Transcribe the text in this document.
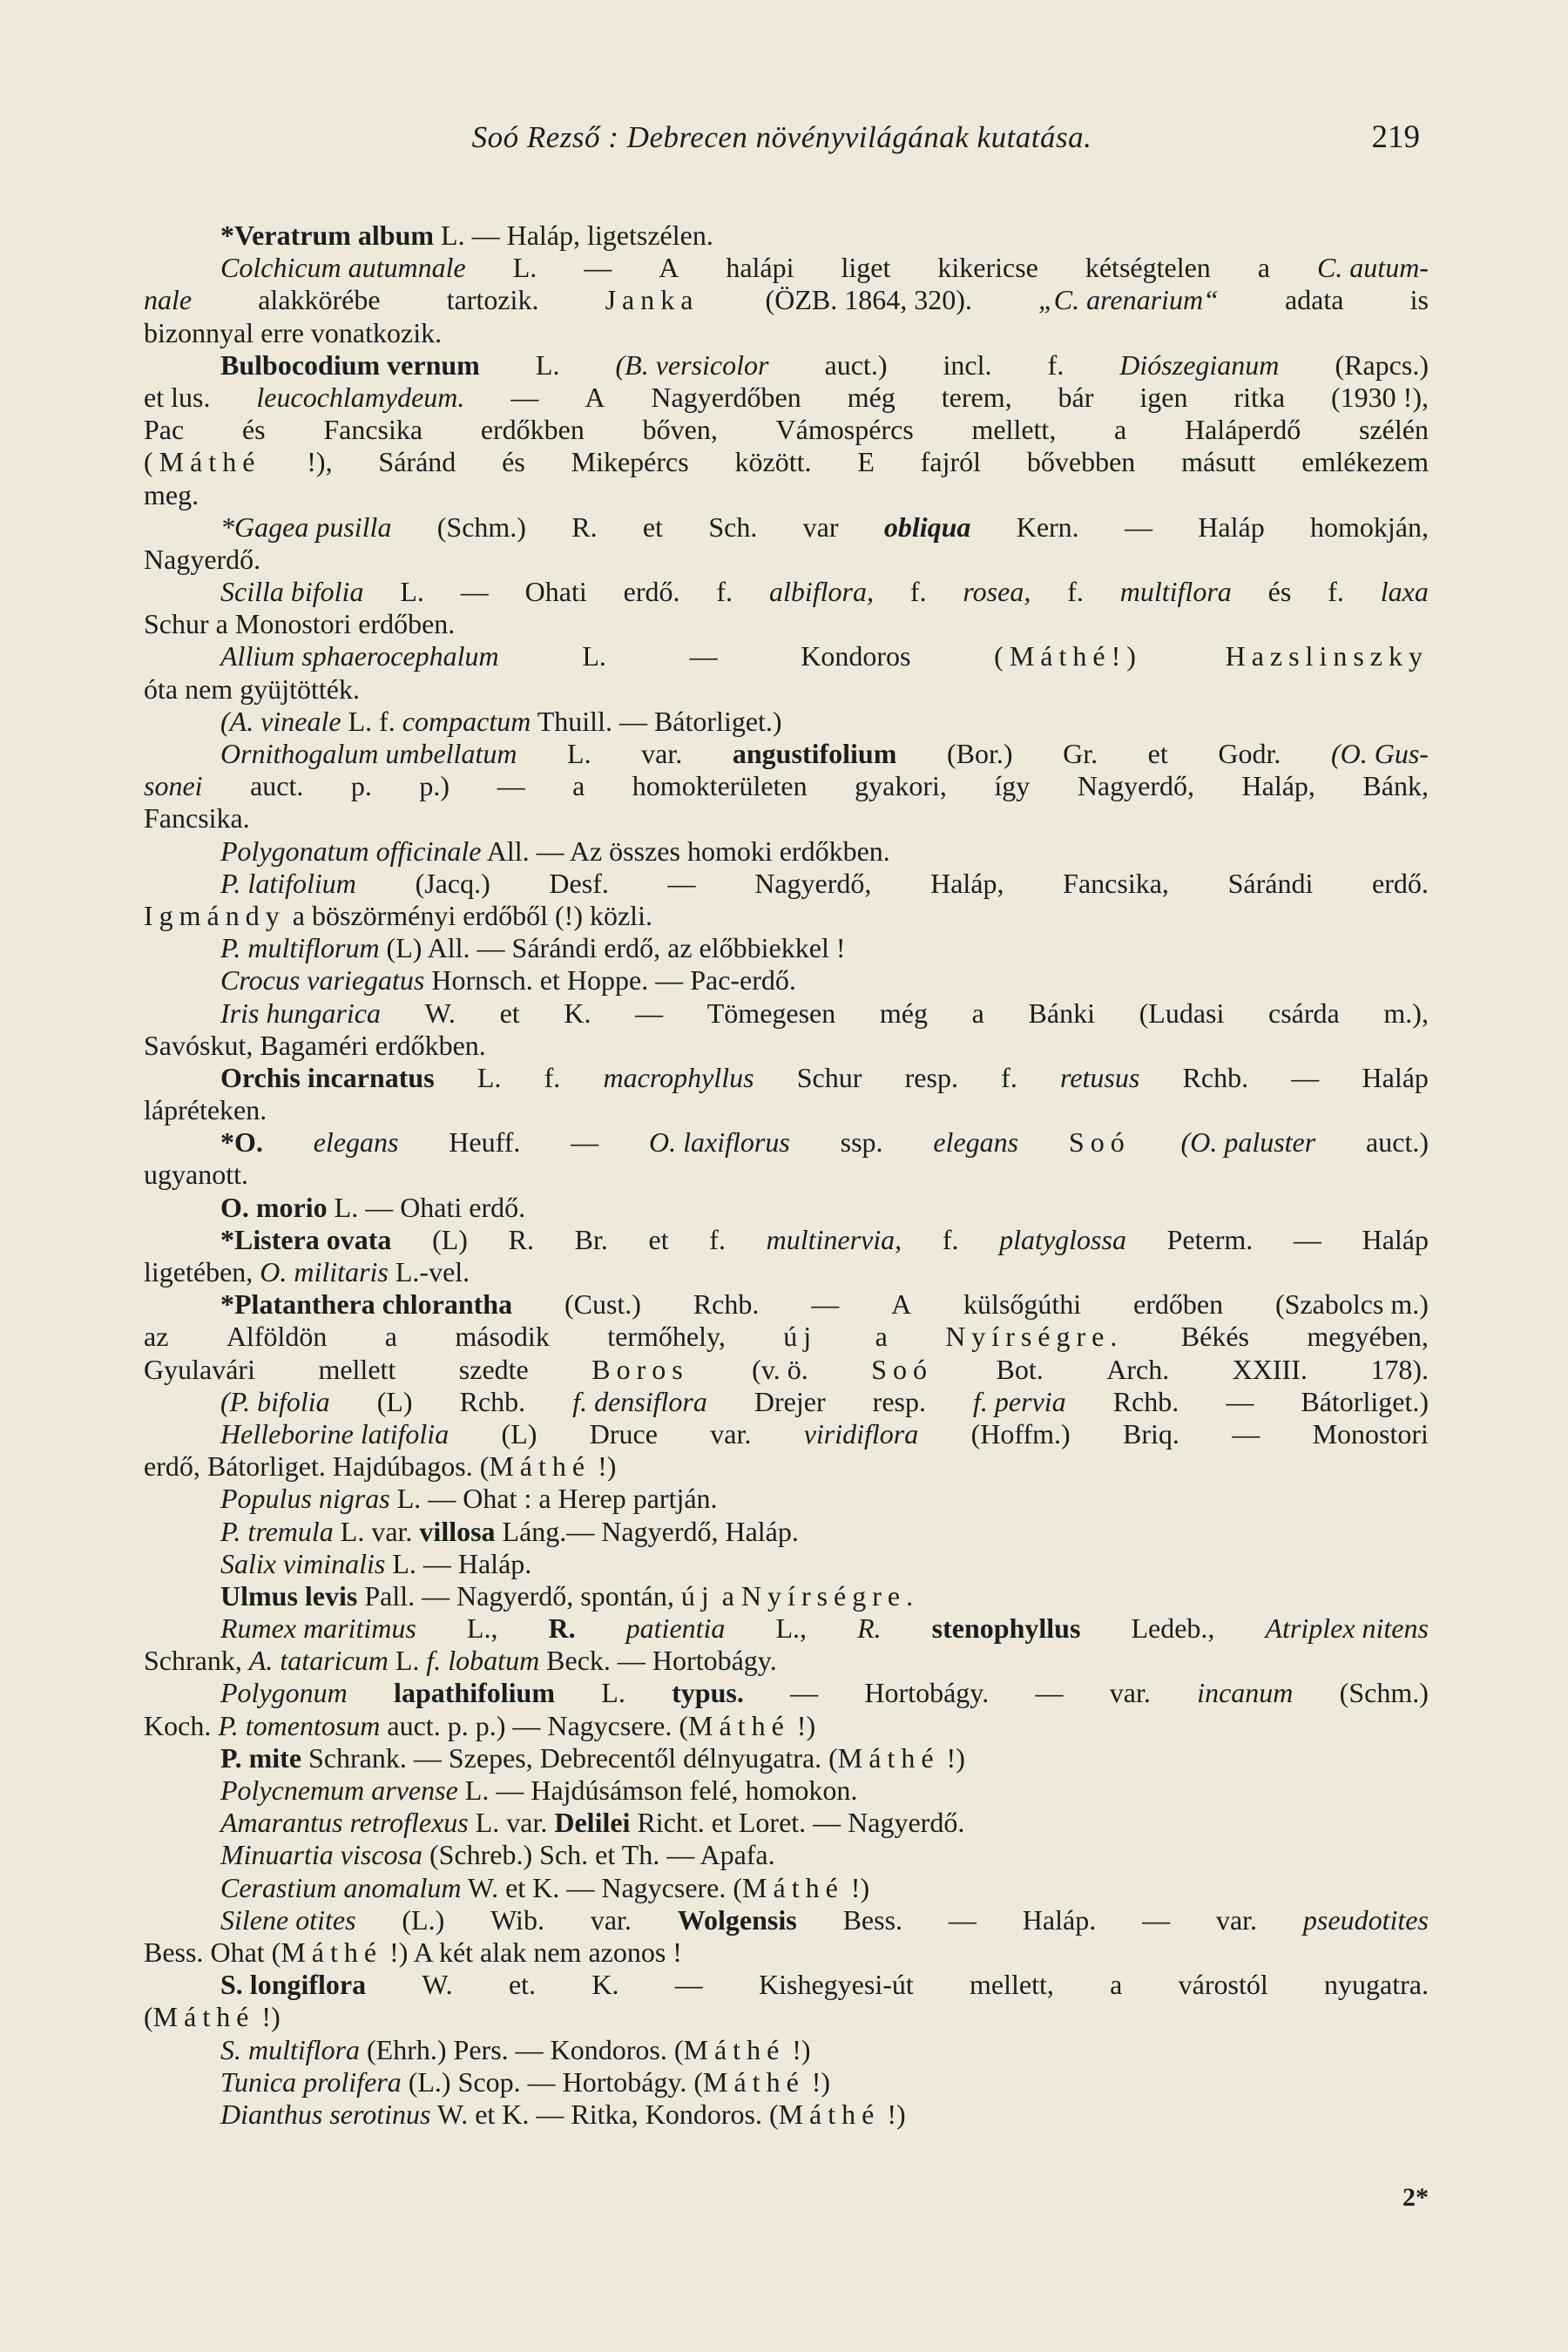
Soó Rezső : Debrecen növényvilágának kutatása.	219
*Veratrum album L. — Haláp, ligetszélen.
Colchicum autumnale L. — A halápi liget kikericse kétségtelen a C. autum-
nale alakkörébe tartozik. Janka (ÖZB. 1864, 320). „C. arenarium“ adata is
bizonnyal erre vonatkozik.
Bulbocodium vernum L. (B. versicolor auct.) incl. f. Diószegianum (Rapcs.)
et lus. leucochlamydeum. — A Nagyerdőben még terem, bár igen ritka (1930 !),
Pac és Fancsika erdőkben bőven, Vámospércs mellett, a Haláperdő szélén
(Máthé !), Sáránd és Mikepércs között. E fajról bővebben másutt emlékezem
meg.
*Gagea pusilla (Schm.) R. et Sch. var obliqua Kern. — Haláp homokján,
Nagyerdő.
Scilla bifolia L. — Ohati erdő. f. albiflora, f. rosea, f. multiflora és f. laxa
Schur a Monostori erdőben.
Allium sphaerocephalum	L.	—	Kondoros	(Máthé!)	Hazslinszky
óta nem gyüjtötték.
(A. vineale L. f. compactum Thuill. — Bátorliget.)
Ornithogalum umbellatum L. var. angustifolium (Bor.) Gr. et Godr. (O. Gus-
sonei auct. p. p.) — a homokterületen gyakori, így Nagyerdő, Haláp, Bánk,
Fancsika.
Polygonatum officinale All. — Az összes homoki erdőkben.
P. latifolium (Jacq.) Desf. — Nagyerdő, Haláp, Fancsika, Sárándi erdő.
Igmándy a böszörményi erdőből (!) közli.
P. multiflorum (L) All. — Sárándi erdő, az előbbiekkel !
Crocus variegatus Hornsch. et Hoppe. — Pac-erdő.
Iris hungarica W. et K. — Tömegesen még a Bánki (Ludasi csárda m.),
Savóskut, Bagaméri erdőkben.
Orchis incarnatus L. f. macrophyllus Schur resp. f. retusus Rchb. — Haláp
lápréteken.
*O. elegans Heuff. — O. laxiflorus ssp. elegans Soó (O. paluster auct.)
ugyanott.
O. morio L. — Ohati erdő.
*Listera ovata (L) R. Br. et f. multinervia, f. platyglossa Peterm. — Haláp
ligetében, O. militaris L.-vel.
*Platanthera chlorantha (Cust.) Rchb. — A külsőgúthi erdőben (Szabolcs m.)
az Alföldön a második termőhely, új a Nyírségre. Békés megyében,
Gyulavári mellett szedte Boros (v. ö. Soó Bot. Arch. XXIII. 178).
(P. bifolia (L) Rchb. f. densiflora Drejer resp. f. pervia Rchb. — Bátorliget.)
Helleborine latifolia (L) Druce var. viridiflora (Hoffm.) Briq. — Monostori
erdő, Bátorliget. Hajdúbagos. (Máthé !)
Populus nigras L. — Ohat : a Herep partján.
P. tremula L. var. villosa Láng.— Nagyerdő, Haláp.
Salix viminalis L. — Haláp.
Ulmus levis Pall. — Nagyerdő, spontán, új a Nyírségre.
Rumex maritimus L., R. patientia L., R. stenophyllus Ledeb., Atriplex nitens
Schrank, A. tataricum L. f. lobatum Beck. — Hortobágy.
Polygonum lapathifolium L. typus. — Hortobágy. — var. incanum (Schm.)
Koch. P. tomentosum auct. p. p.) — Nagycsere. (Máthé !)
P. mite Schrank. — Szepes, Debrecentől délnyugatra. (Máthé !)
Polycnemum arvense L. — Hajdúsámson felé, homokon.
Amarantus retroflexus L. var. Delilei Richt. et Loret. — Nagyerdő.
Minuartia viscosa (Schreb.) Sch. et Th. — Apafa.
Cerastium anomalum W. et K. — Nagycsere. (Máthé !)
Silene otites (L.) Wib. var. Wolgensis Bess. — Haláp. — var. pseudotites
Bess. Ohat (Máthé !) A két alak nem azonos !
S. longiflora W. et. K. — Kishegyesi-út mellett, a várostól nyugatra.
(Máthé !)
S. multiflora (Ehrh.) Pers. — Kondoros. (Máthé !)
Tunica prolifera (L.) Scop. — Hortobágy. (Máthé !)
Dianthus serotinus W. et K. — Ritka, Kondoros. (Máthé !)
2*
